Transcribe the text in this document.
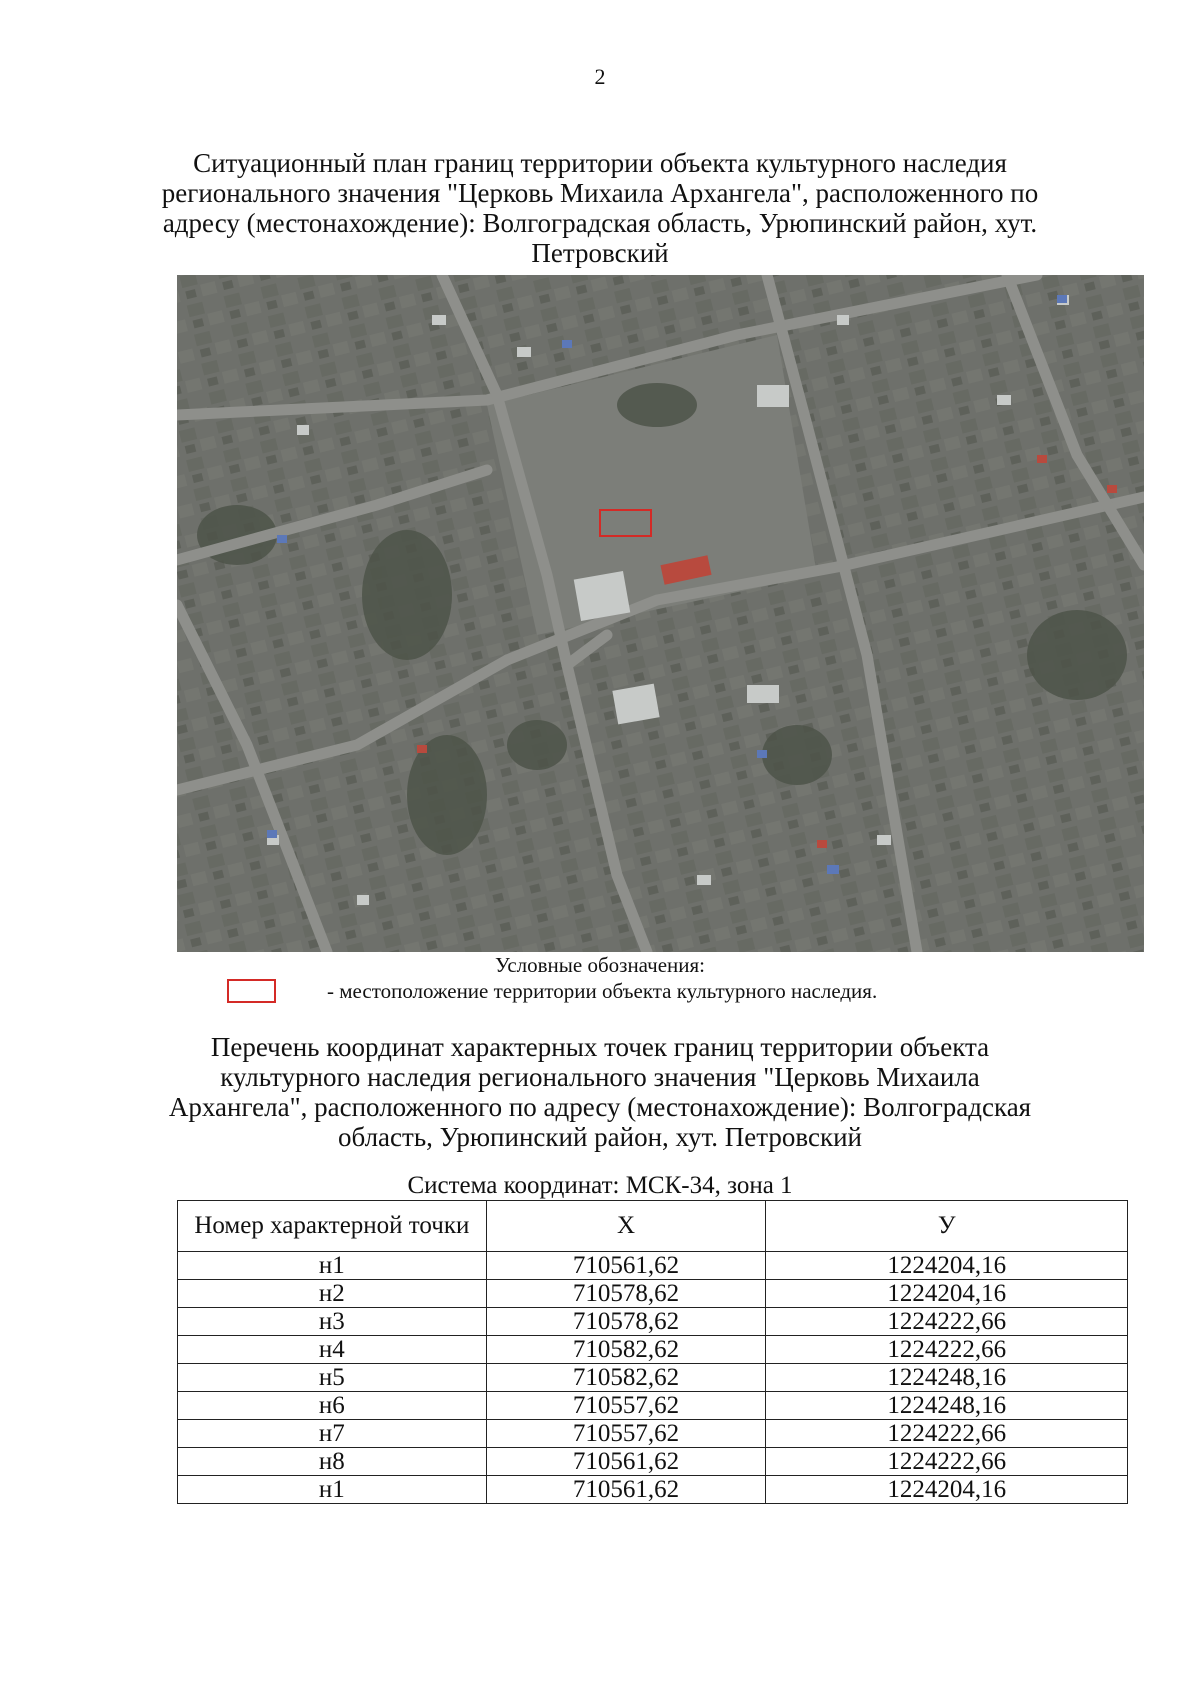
2
Ситуационный план границ территории объекта культурного наследия регионального значения "Церковь Михаила Архангела", расположенного по адресу (местонахождение): Волгоградская область, Урюпинский район, хут. Петровский
Условные обозначения:
- местоположение территории объекта культурного наследия.
Перечень координат характерных точек границ территории объекта культурного наследия регионального значения "Церковь Михаила Архангела", расположенного по адресу (местонахождение): Волгоградская область, Урюпинский район, хут. Петровский
Система координат: МСК-34, зона 1
Номер характерной точки	X	У
н1	710561,62	1224204,16
н2	710578,62	1224204,16
н3	710578,62	1224222,66
н4	710582,62	1224222,66
н5	710582,62	1224248,16
н6	710557,62	1224248,16
н7	710557,62	1224222,66
н8	710561,62	1224222,66
н1	710561,62	1224204,16
